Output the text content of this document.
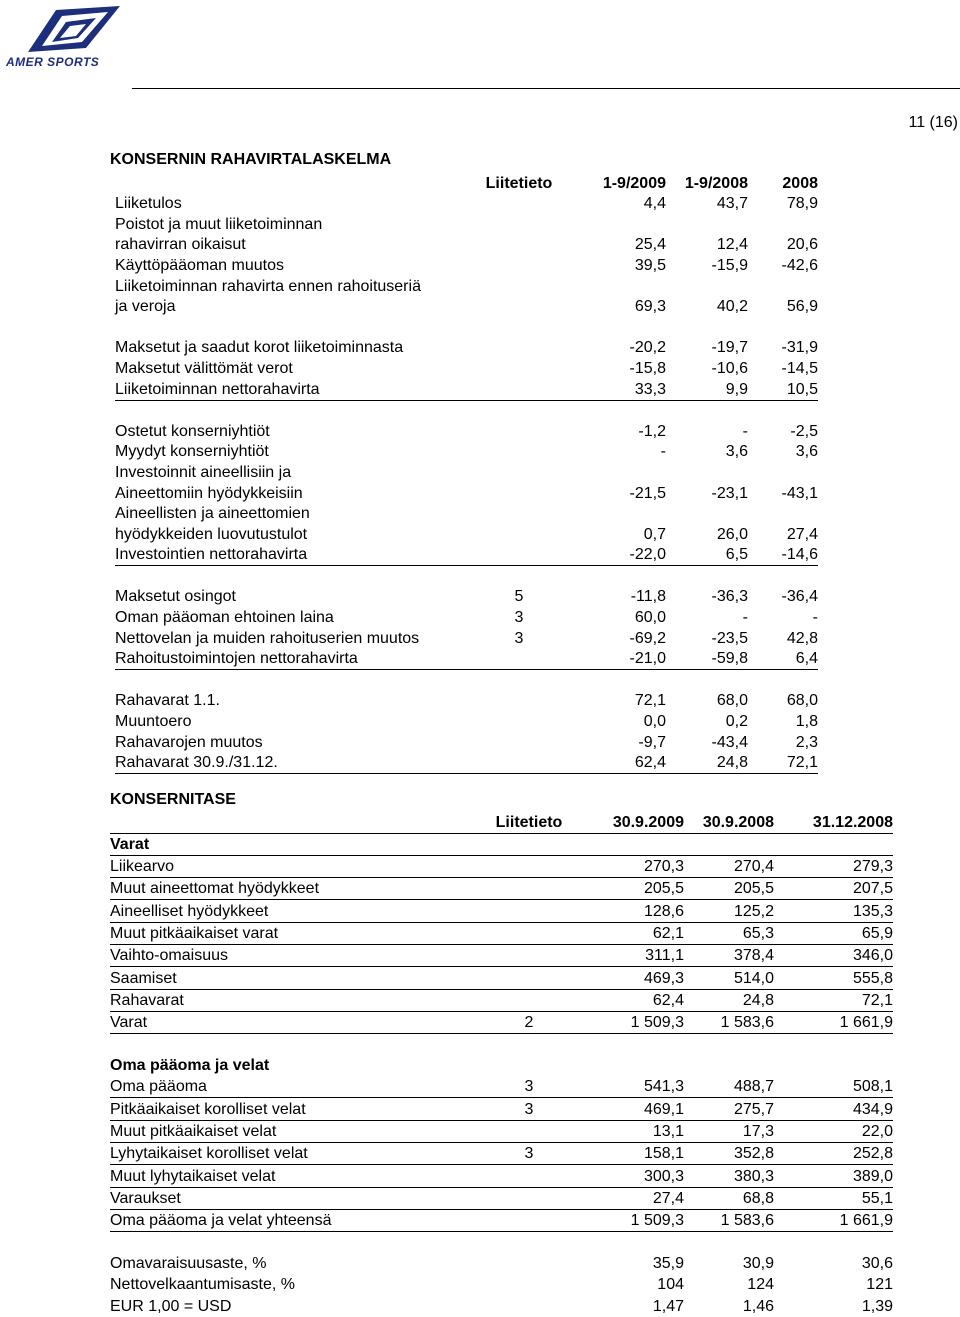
AMER SPORTS
11 (16)
KONSERNIN RAHAVIRTALASKELMA
	Liitetieto	1-9/2009	1-9/2008	2008
Liiketulos		4,4	43,7	78,9
Poistot ja muut liiketoiminnan				
rahavirran oikaisut		25,4	12,4	20,6
Käyttöpääoman muutos		39,5	-15,9	-42,6
Liiketoiminnan rahavirta ennen rahoituseriä				
ja veroja		69,3	40,2	56,9

Maksetut ja saadut korot liiketoiminnasta		-20,2	-19,7	-31,9
Maksetut välittömät verot		-15,8	-10,6	-14,5
Liiketoiminnan nettorahavirta		33,3	9,9	10,5

Ostetut konserniyhtiöt		-1,2	-	-2,5
Myydyt konserniyhtiöt		-	3,6	3,6
Investoinnit aineellisiin ja				
Aineettomiin hyödykkeisiin		-21,5	-23,1	-43,1
Aineellisten ja aineettomien				
hyödykkeiden luovutustulot		0,7	26,0	27,4
Investointien nettorahavirta		-22,0	6,5	-14,6

Maksetut osingot	5	-11,8	-36,3	-36,4
Oman pääoman ehtoinen laina	3	60,0	-	-
Nettovelan ja muiden rahoituserien muutos	3	-69,2	-23,5	42,8
Rahoitustoimintojen nettorahavirta		-21,0	-59,8	6,4

Rahavarat 1.1.		72,1	68,0	68,0
Muuntoero		0,0	0,2	1,8
Rahavarojen muutos		-9,7	-43,4	2,3
Rahavarat 30.9./31.12.		62,4	24,8	72,1
KONSERNITASE
	Liitetieto	30.9.2009	30.9.2008	31.12.2008
Varat				
Liikearvo		270,3	270,4	279,3
Muut aineettomat hyödykkeet		205,5	205,5	207,5
Aineelliset hyödykkeet		128,6	125,2	135,3
Muut pitkäaikaiset varat		62,1	65,3	65,9
Vaihto-omaisuus		311,1	378,4	346,0
Saamiset		469,3	514,0	555,8
Rahavarat		62,4	24,8	72,1
Varat	2	1 509,3	1 583,6	1 661,9

Oma pääoma ja velat				
Oma pääoma	3	541,3	488,7	508,1
Pitkäaikaiset korolliset velat	3	469,1	275,7	434,9
Muut pitkäaikaiset velat		13,1	17,3	22,0
Lyhytaikaiset korolliset velat	3	158,1	352,8	252,8
Muut lyhytaikaiset velat		300,3	380,3	389,0
Varaukset		27,4	68,8	55,1
Oma pääoma ja velat yhteensä		1 509,3	1 583,6	1 661,9

Omavaraisuusaste, %		35,9	30,9	30,6
Nettovelkaantumisaste, %		104	124	121
EUR 1,00 = USD		1,47	1,46	1,39
